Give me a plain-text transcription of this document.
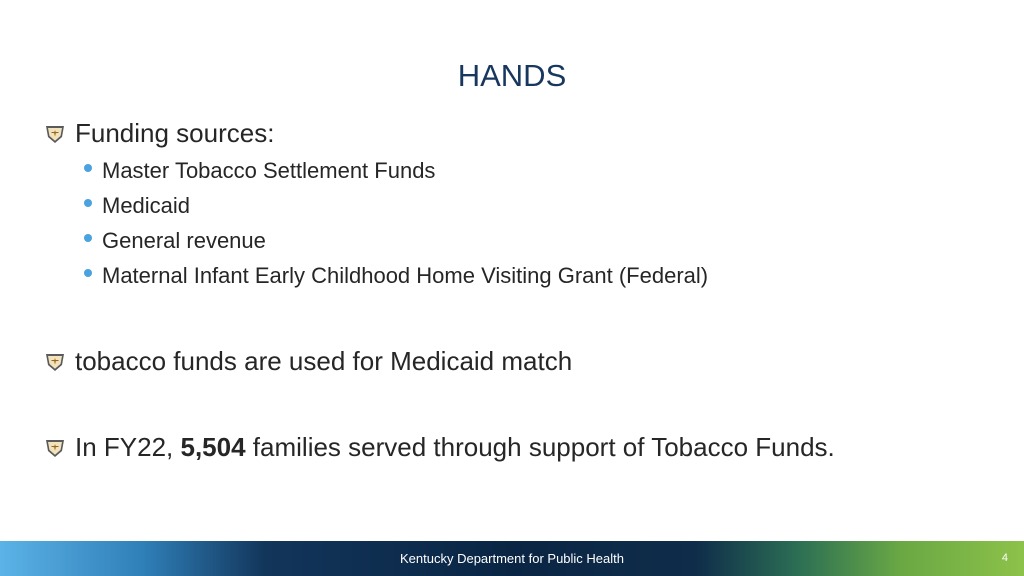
HANDS
Funding sources:
Master Tobacco Settlement Funds
Medicaid
General revenue
Maternal Infant Early Childhood Home Visiting Grant (Federal)
tobacco funds are used for Medicaid match
In FY22, 5,504 families served through support of Tobacco Funds.
Kentucky Department for Public Health	4
